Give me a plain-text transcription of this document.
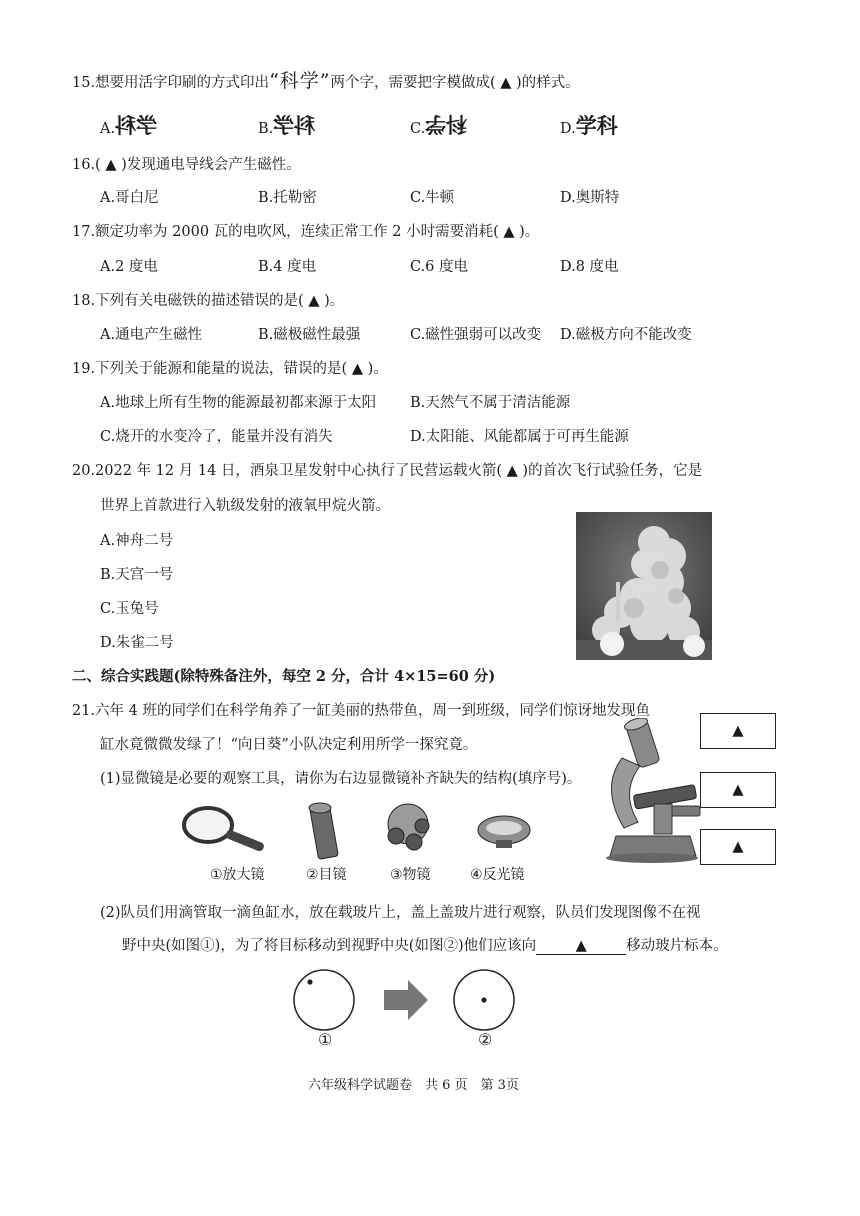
15.想要用活字印刷的方式印出“科学”两个字，需要把字模做成( ▲ )的样式。
A.学科	B.科学	C.科学	D.学科
16.( ▲ )发现通电导线会产生磁性。
A.哥白尼	B.托勒密	C.牛顿	D.奥斯特
17.额定功率为 2000 瓦的电吹风，连续正常工作 2 小时需要消耗( ▲ )。
A.2 度电	B.4 度电	C.6 度电	D.8 度电
18.下列有关电磁铁的描述错误的是( ▲ )。
A.通电产生磁性	B.磁极磁性最强	C.磁性强弱可以改变 D.磁极方向不能改变
19.下列关于能源和能量的说法，错误的是( ▲ )。
A.地球上所有生物的能源最初都来源于太阳 B.天然气不属于清洁能源
C.烧开的水变冷了，能量并没有消失	D.太阳能、风能都属于可再生能源
20.2022 年 12 月 14 日，酒泉卫星发射中心执行了民营运载火箭( ▲ )的首次飞行试验任务，它是
世界上首款进行入轨级发射的液氧甲烷火箭。
A.神舟二号
B.天宫一号
C.玉兔号
D.朱雀二号
二、综合实践题(除特殊备注外，每空 2 分，合计 4×15=60 分)
21.六年 4 班的同学们在科学角养了一缸美丽的热带鱼，周一到班级，同学们惊讶地发现鱼
缸水竟微微发绿了！“向日葵”小队决定利用所学一探究竟。
(1)显微镜是必要的观察工具，请你为右边显微镜补齐缺失的结构(填序号)。
▲
▲
▲
①放大镜	②目镜	③物镜	④反光镜
(2)队员们用滴管取一滴鱼缸水，放在载玻片上，盖上盖玻片进行观察，队员们发现图像不在视
野中央(如图①)，为了将目标移动到视野中央(如图②)他们应该向	▲	移动玻片标本。
①	②
六年级科学试题卷　共 6 页　第 3页
